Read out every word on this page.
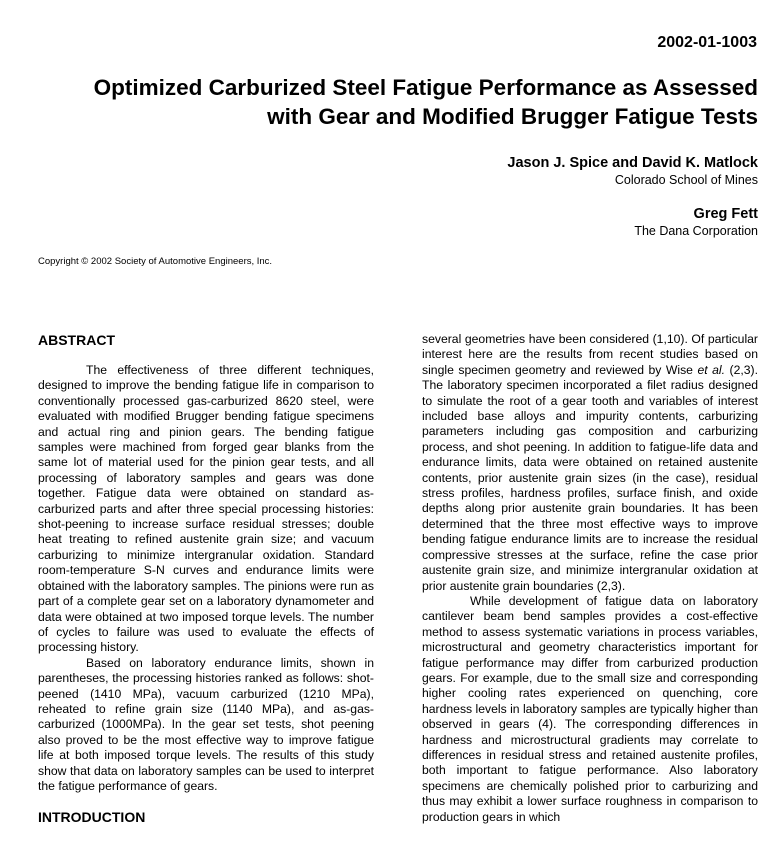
2002-01-1003
Optimized Carburized Steel Fatigue Performance as Assessed
with Gear and Modified Brugger Fatigue Tests
Jason J. Spice and David K. Matlock
Colorado School of Mines
Greg Fett
The Dana Corporation
Copyright © 2002 Society of Automotive Engineers, Inc.
ABSTRACT

The effectiveness of three different techniques, designed to improve the bending fatigue life in comparison to conventionally processed gas-carburized 8620 steel, were evaluated with modified Brugger bending fatigue specimens and actual ring and pinion gears. The bending fatigue samples were machined from forged gear blanks from the same lot of material used for the pinion gear tests, and all processing of laboratory samples and gears was done together. Fatigue data were obtained on standard as-carburized parts and after three special processing histories: shot-peening to increase surface residual stresses; double heat treating to refined austenite grain size; and vacuum carburizing to minimize intergranular oxidation. Standard room-temperature S-N curves and endurance limits were obtained with the laboratory samples. The pinions were run as part of a complete gear set on a laboratory dynamometer and data were obtained at two imposed torque levels. The number of cycles to failure was used to evaluate the effects of processing history.

Based on laboratory endurance limits, shown in parentheses, the processing histories ranked as follows: shot-peened (1410 MPa), vacuum carburized (1210 MPa), reheated to refine grain size (1140 MPa), and as-gas-carburized (1000MPa). In the gear set tests, shot peening also proved to be the most effective way to improve fatigue life at both imposed torque levels. The results of this study show that data on laboratory samples can be used to interpret the fatigue performance of gears.

INTRODUCTION

several geometries have been considered (1,10). Of particular interest here are the results from recent studies based on single specimen geometry and reviewed by Wise et al. (2,3). The laboratory specimen incorporated a filet radius designed to simulate the root of a gear tooth and variables of interest included base alloys and impurity contents, carburizing parameters including gas composition and carburizing process, and shot peening. In addition to fatigue-life data and endurance limits, data were obtained on retained austenite contents, prior austenite grain sizes (in the case), residual stress profiles, hardness profiles, surface finish, and oxide depths along prior austenite grain boundaries. It has been determined that the three most effective ways to improve bending fatigue endurance limits are to increase the residual compressive stresses at the surface, refine the case prior austenite grain size, and minimize intergranular oxidation at prior austenite grain boundaries (2,3).

While development of fatigue data on laboratory cantilever beam bend samples provides a cost-effective method to assess systematic variations in process variables, microstructural and geometry characteristics important for fatigue performance may differ from carburized production gears. For example, due to the small size and corresponding higher cooling rates experienced on quenching, core hardness levels in laboratory samples are typically higher than observed in gears (4). The corresponding differences in hardness and microstructural gradients may correlate to differences in residual stress and retained austenite profiles, both important to fatigue performance. Also laboratory specimens are chemically polished prior to carburizing and thus may exhibit a lower surface roughness in comparison to production gears in which
